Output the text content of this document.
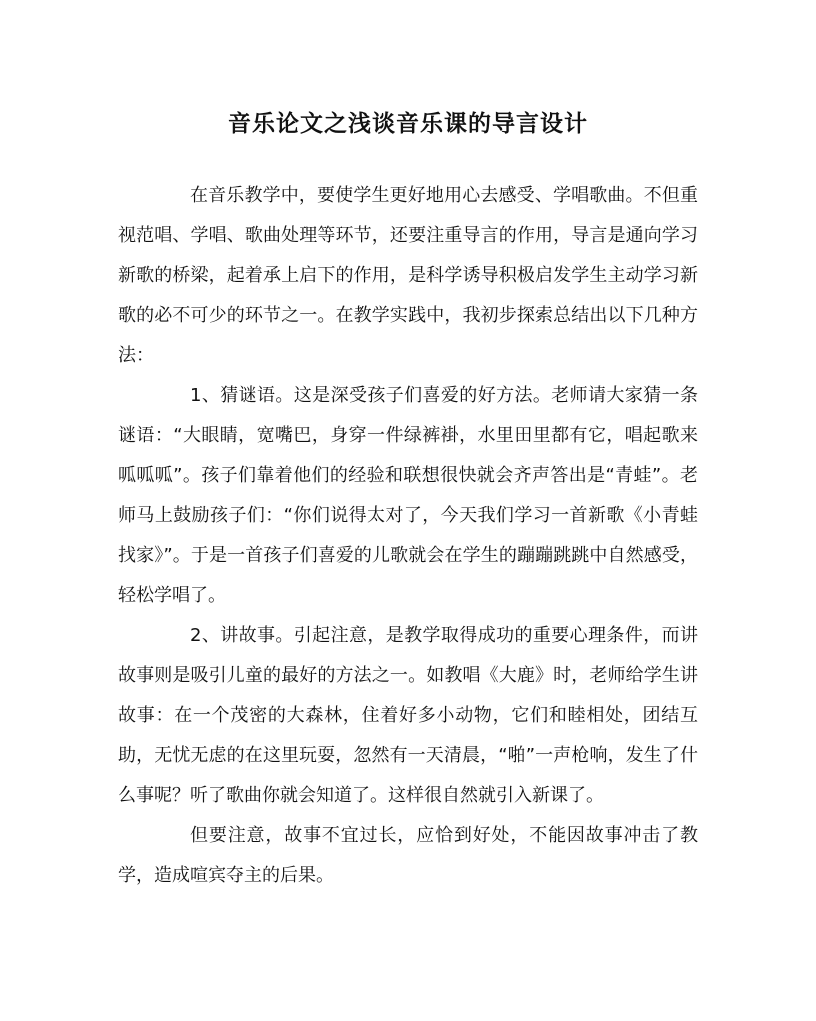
音乐论文之浅谈音乐课的导言设计

在音乐教学中，要使学生更好地用心去感受、学唱歌曲。不但重视范唱、学唱、歌曲处理等环节，还要注重导言的作用，导言是通向学习新歌的桥梁，起着承上启下的作用，是科学诱导积极启发学生主动学习新歌的必不可少的环节之一。在教学实践中，我初步探索总结出以下几种方法：

1、猜谜语。这是深受孩子们喜爱的好方法。老师请大家猜一条谜语：“大眼睛，宽嘴巴，身穿一件绿裤褂，水里田里都有它，唱起歌来呱呱呱”。孩子们靠着他们的经验和联想很快就会齐声答出是“青蛙”。老师马上鼓励孩子们：“你们说得太对了，今天我们学习一首新歌《小青蛙找家》”。于是一首孩子们喜爱的儿歌就会在学生的蹦蹦跳跳中自然感受，轻松学唱了。

2、讲故事。引起注意，是教学取得成功的重要心理条件，而讲故事则是吸引儿童的最好的方法之一。如教唱《大鹿》时，老师给学生讲故事：在一个茂密的大森林，住着好多小动物，它们和睦相处，团结互助，无忧无虑的在这里玩耍，忽然有一天清晨，“啪”一声枪响，发生了什么事呢？听了歌曲你就会知道了。这样很自然就引入新课了。

但要注意，故事不宜过长，应恰到好处，不能因故事冲击了教学，造成喧宾夺主的后果。
